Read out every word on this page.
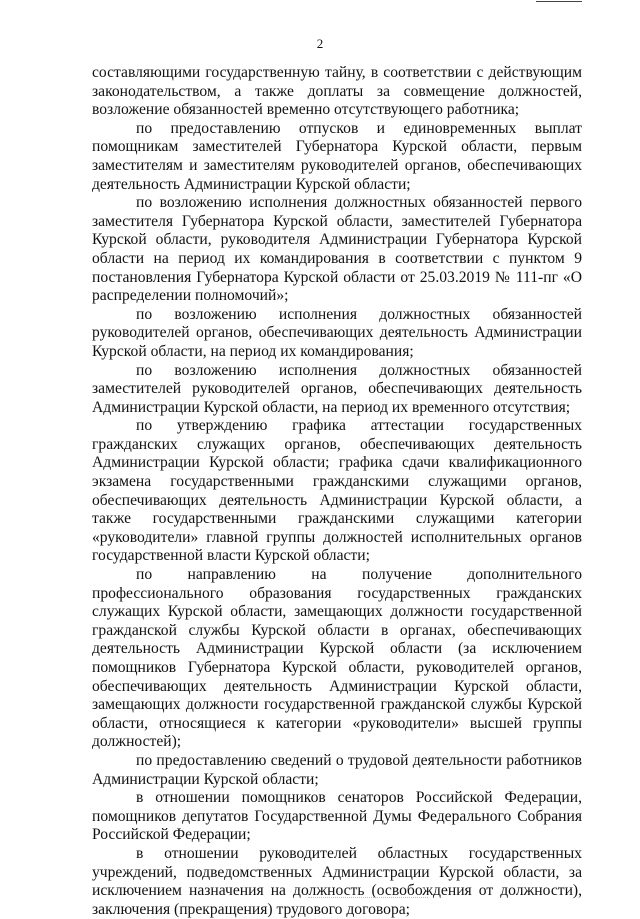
2

составляющими государственную тайну, в соответствии с действующим законодательством, а также доплаты за совмещение должностей, возложение обязанностей временно отсутствующего работника;

по предоставлению отпусков и единовременных выплат помощникам заместителей Губернатора Курской области, первым заместителям и заместителям руководителей органов, обеспечивающих деятельность Администрации Курской области;

по возложению исполнения должностных обязанностей первого заместителя Губернатора Курской области, заместителей Губернатора Курской области, руководителя Администрации Губернатора Курской области на период их командирования в соответствии с пунктом 9 постановления Губернатора Курской области от 25.03.2019 № 111-пг «О распределении полномочий»;

по возложению исполнения должностных обязанностей руководителей органов, обеспечивающих деятельность Администрации Курской области, на период их командирования;

по возложению исполнения должностных обязанностей заместителей руководителей органов, обеспечивающих деятельность Администрации Курской области, на период их временного отсутствия;

по утверждению графика аттестации государственных гражданских служащих органов, обеспечивающих деятельность Администрации Курской области; графика сдачи квалификационного экзамена государственными гражданскими служащими органов, обеспечивающих деятельность Администрации Курской области, а также государственными гражданскими служащими категории «руководители» главной группы должностей исполнительных органов государственной власти Курской области;

по направлению на получение дополнительного профессионального образования государственных гражданских служащих Курской области, замещающих должности государственной гражданской службы Курской области в органах, обеспечивающих деятельность Администрации Курской области (за исключением помощников Губернатора Курской области, руководителей органов, обеспечивающих деятельность Администрации Курской области, замещающих должности государственной гражданской службы Курской области, относящиеся к категории «руководители» высшей группы должностей);

по предоставлению сведений о трудовой деятельности работников Администрации Курской области;

в отношении помощников сенаторов Российской Федерации, помощников депутатов Государственной Думы Федерального Собрания Российской Федерации;

в отношении руководителей областных государственных учреждений, подведомственных Администрации Курской области, за исключением назначения на должность (освобождения от должности), заключения (прекращения) трудового договора;
